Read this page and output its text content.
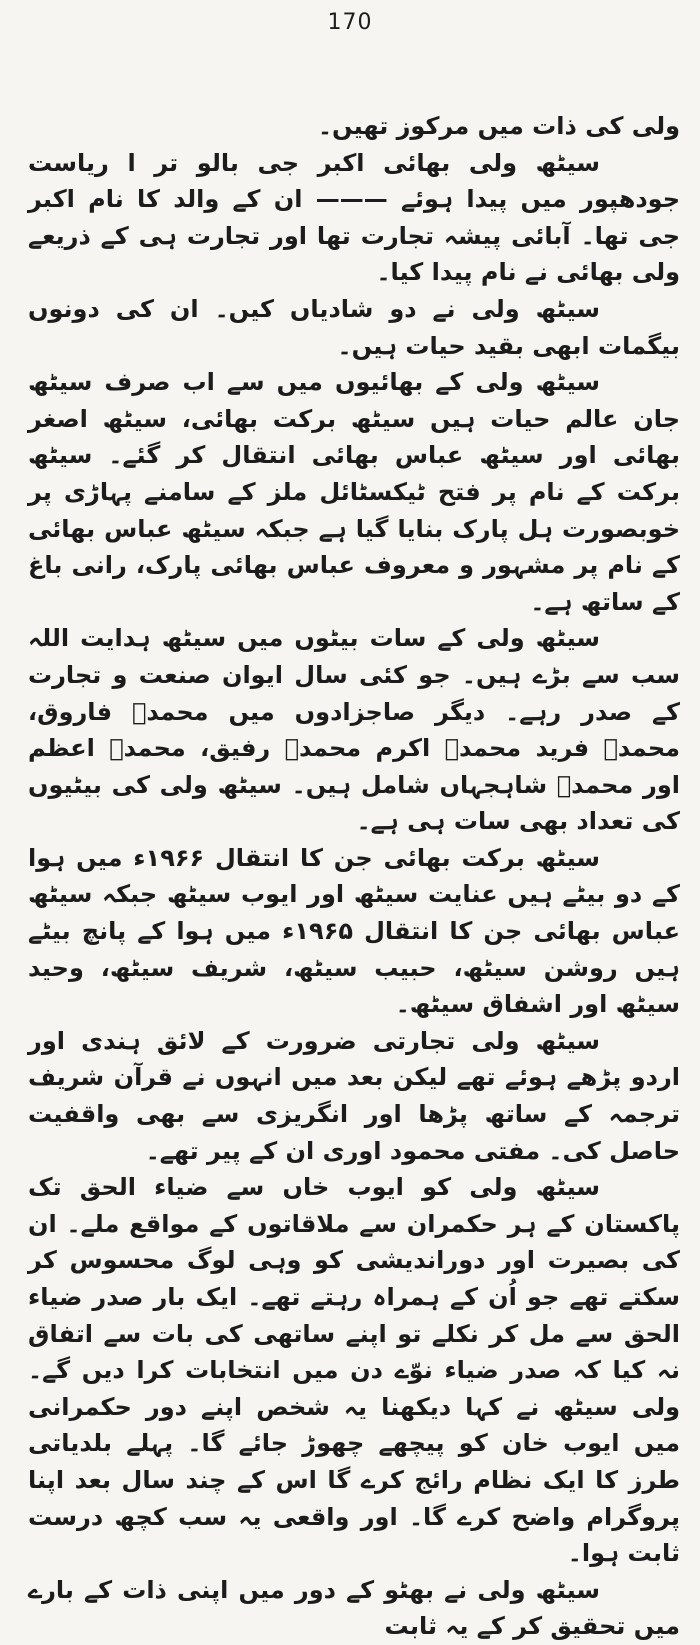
170

ولی کی ذات میں مرکوز تھیں۔

سیٹھ ولی بھائی اکبر جی بالو تر ا ریاست جودھپور میں پیدا ہوئے ——— ان کے والد کا نام اکبر جی تھا۔ آبائی پیشہ تجارت تھا اور تجارت ہی کے ذریعے ولی بھائی نے نام پیدا کیا۔

سیٹھ ولی نے دو شادیاں کیں۔ ان کی دونوں بیگمات ابھی بقید حیات ہیں۔

سیٹھ ولی کے بھائیوں میں سے اب صرف سیٹھ جان عالم حیات ہیں سیٹھ برکت بھائی، سیٹھ اصغر بھائی اور سیٹھ عباس بھائی انتقال کر گئے۔ سیٹھ برکت کے نام پر فتح ٹیکسٹائل ملز کے سامنے پہاڑی پر خوبصورت ہل پارک بنایا گیا ہے جبکہ سیٹھ عباس بھائی کے نام پر مشہور و معروف عباس بھائی پارک، رانی باغ کے ساتھ ہے۔

سیٹھ ولی کے سات بیٹوں میں سیٹھ ہدایت اللہ سب سے بڑے ہیں۔ جو کئی سال ایوان صنعت و تجارت کے صدر رہے۔ دیگر صاجزادوں میں محمدؐ فاروق، محمدؐ فرید محمدؐ اکرم محمدؐ رفیق، محمدؐ اعظم اور محمدؐ شاہجہاں شامل ہیں۔ سیٹھ ولی کی بیٹیوں کی تعداد بھی سات ہی ہے۔

سیٹھ برکت بھائی جن کا انتقال ۱۹۶۶ء میں ہوا کے دو بیٹے ہیں عنایت سیٹھ اور ایوب سیٹھ جبکہ سیٹھ عباس بھائی جن کا انتقال ۱۹۶۵ء میں ہوا کے پانچ بیٹے ہیں روشن سیٹھ، حبیب سیٹھ، شریف سیٹھ، وحید سیٹھ اور اشفاق سیٹھ۔

سیٹھ ولی تجارتی ضرورت کے لائق ہندی اور اردو پڑھے ہوئے تھے لیکن بعد میں انہوں نے قرآن شریف ترجمہ کے ساتھ پڑھا اور انگریزی سے بھی واقفیت حاصل کی۔ مفتی محمود اوری ان کے پیر تھے۔

سیٹھ ولی کو ایوب خاں سے ضیاء الحق تک پاکستان کے ہر حکمران سے ملاقاتوں کے مواقع ملے۔ ان کی بصیرت اور دوراندیشی کو وہی لوگ محسوس کر سکتے تھے جو اُن کے ہمراہ رہتے تھے۔ ایک بار صدر ضیاء الحق سے مل کر نکلے تو اپنے ساتھی کی بات سے اتفاق نہ کیا کہ صدر ضیاء نوّے دن میں انتخابات کرا دیں گے۔ ولی سیٹھ نے کہا دیکھنا یہ شخص اپنے دور حکمرانی میں ایوب خان کو پیچھے چھوڑ جائے گا۔ پہلے بلدیاتی طرز کا ایک نظام رائج کرے گا اس کے چند سال بعد اپنا پروگرام واضح کرے گا۔ اور واقعی یہ سب کچھ درست ثابت ہوا۔

سیٹھ ولی نے بھٹو کے دور میں اپنی ذات کے بارے میں تحقیق کر کے یہ ثابت
